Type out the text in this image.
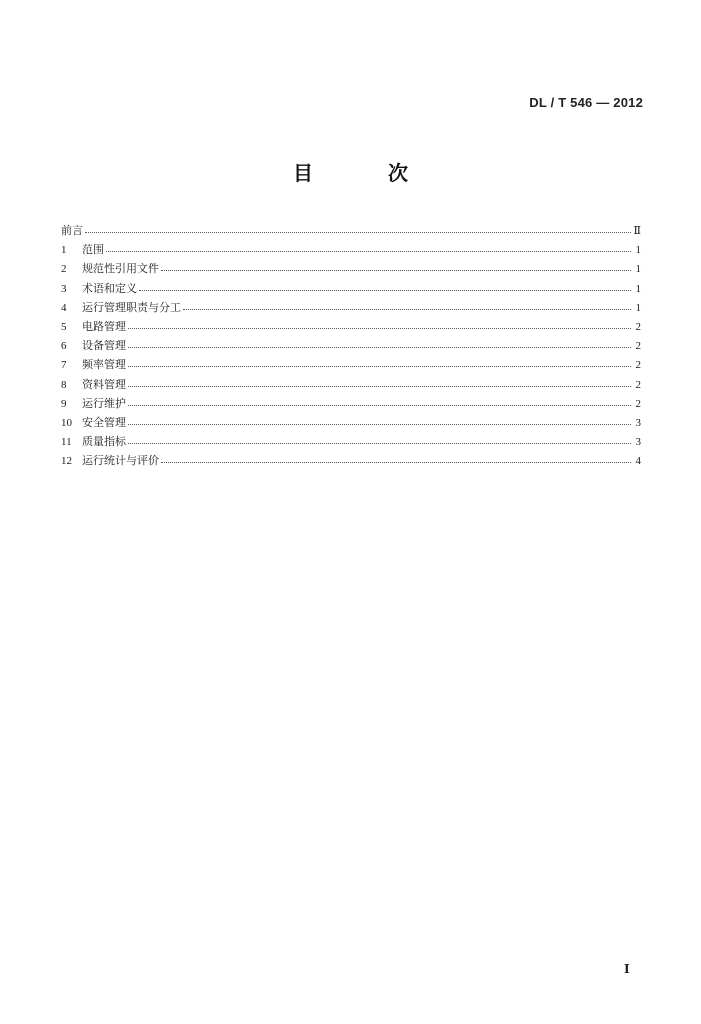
DL / T 546 — 2012
目 次
前言	Ⅱ
1	范围	1
2	规范性引用文件	1
3	术语和定义	1
4	运行管理职责与分工	1
5	电路管理	2
6	设备管理	2
7	频率管理	2
8	资料管理	2
9	运行维护	2
10 安全管理	3
11 质量指标	3
12 运行统计与评价	4
Ⅰ
